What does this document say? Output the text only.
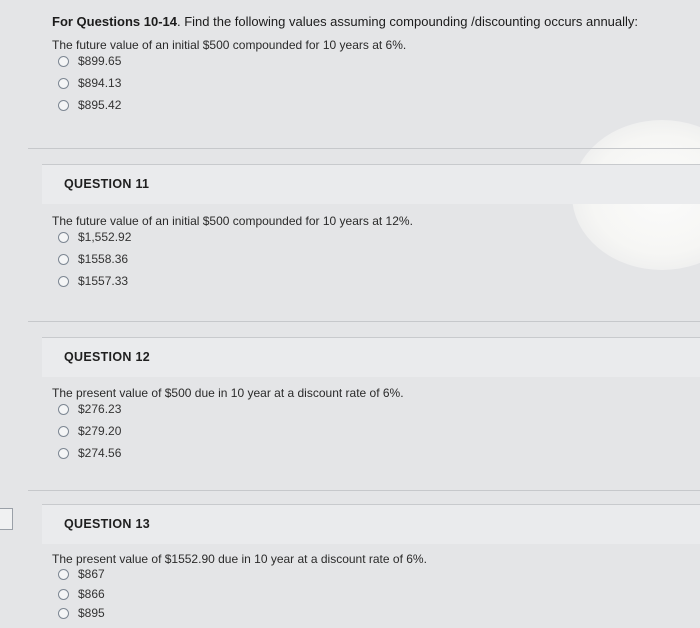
For Questions 10-14. Find the following values assuming compounding /discounting occurs annually:
The future value of an initial $500 compounded for 10 years at 6%.
$899.65
$894.13
$895.42
QUESTION 11
The future value of an initial $500 compounded for 10 years at 12%.
$1,552.92
$1558.36
$1557.33
QUESTION 12
The present value of $500 due in 10 year at a discount rate of 6%.
$276.23
$279.20
$274.56
QUESTION 13
The present value of $1552.90 due in 10 year at a discount rate of 6%.
$867
$866
$895
